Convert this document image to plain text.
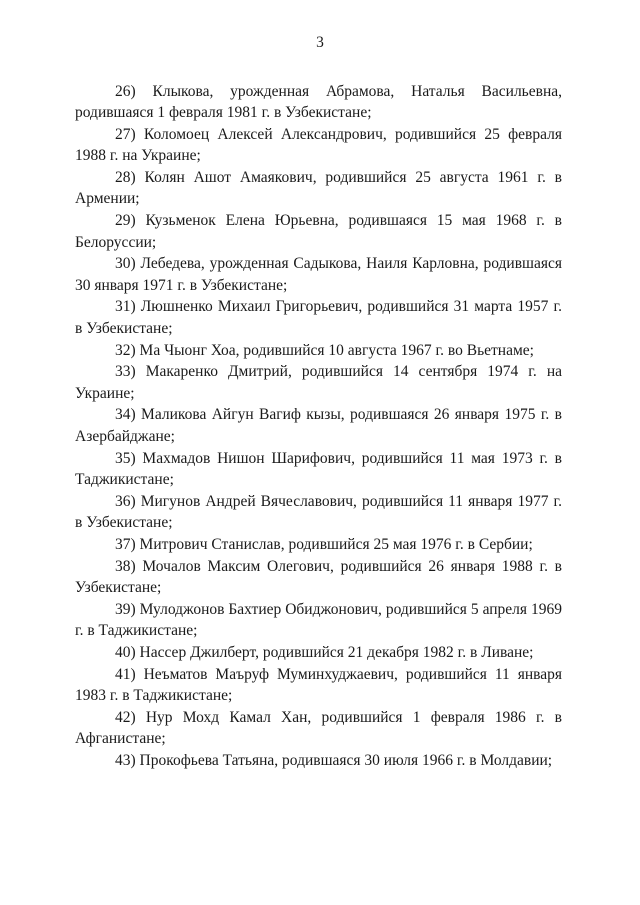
3

26) Клыкова, урожденная Абрамова, Наталья Васильевна, родившаяся 1 февраля 1981 г. в Узбекистане;

27) Коломоец Алексей Александрович, родившийся 25 февраля 1988 г. на Украине;

28) Колян Ашот Амаякович, родившийся 25 августа 1961 г. в Армении;

29) Кузьменок Елена Юрьевна, родившаяся 15 мая 1968 г. в Белоруссии;

30) Лебедева, урожденная Садыкова, Наиля Карловна, родившаяся 30 января 1971 г. в Узбекистане;

31) Люшненко Михаил Григорьевич, родившийся 31 марта 1957 г. в Узбекистане;

32) Ма Чыонг Хоа, родившийся 10 августа 1967 г. во Вьетнаме;

33) Макаренко Дмитрий, родившийся 14 сентября 1974 г. на Украине;

34) Маликова Айгун Вагиф кызы, родившаяся 26 января 1975 г. в Азербайджане;

35) Махмадов Нишон Шарифович, родившийся 11 мая 1973 г. в Таджикистане;

36) Мигунов Андрей Вячеславович, родившийся 11 января 1977 г. в Узбекистане;

37) Митрович Станислав, родившийся 25 мая 1976 г. в Сербии;

38) Мочалов Максим Олегович, родившийся 26 января 1988 г. в Узбекистане;

39) Мулоджонов Бахтиер Обиджонович, родившийся 5 апреля 1969 г. в Таджикистане;

40) Нассер Джилберт, родившийся 21 декабря 1982 г. в Ливане;

41) Неъматов Маъруф Муминхуджаевич, родившийся 11 января 1983 г. в Таджикистане;

42) Нур Мохд Камал Хан, родившийся 1 февраля 1986 г. в Афганистане;

43) Прокофьева Татьяна, родившаяся 30 июля 1966 г. в Молдавии;
